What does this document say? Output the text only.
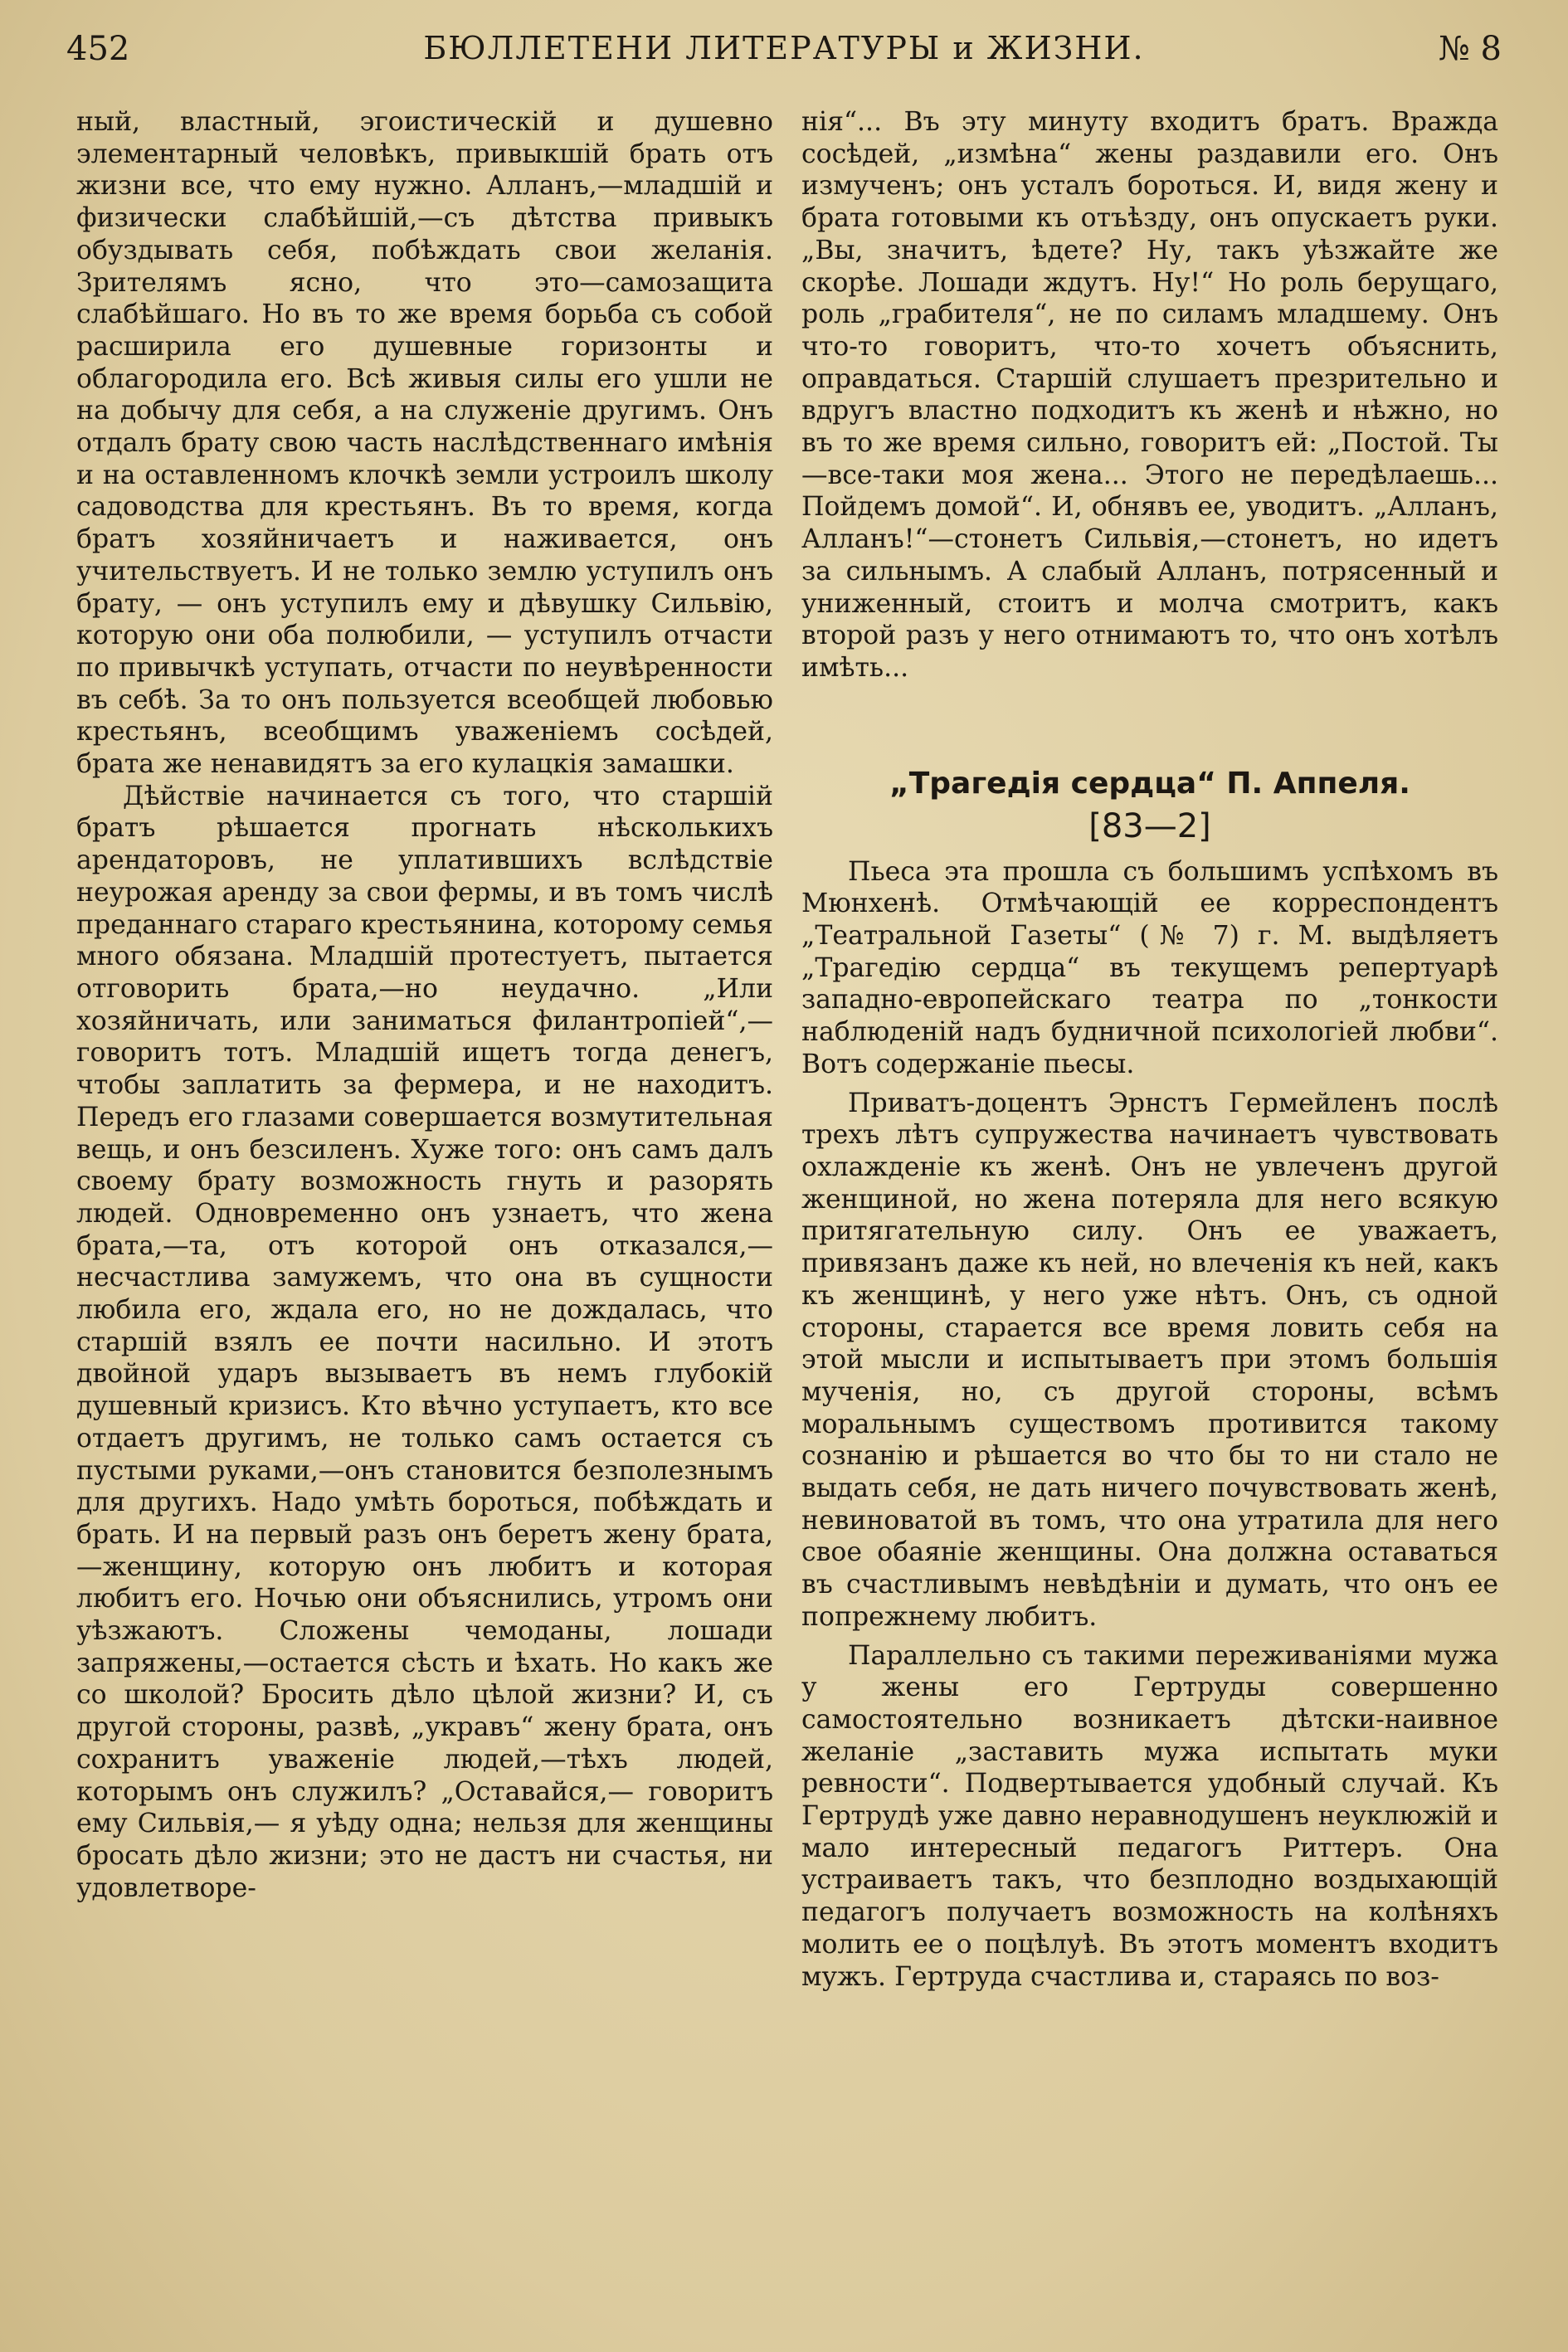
452	БЮЛЛЕТЕНИ ЛИТЕРАТУРЫ и ЖИЗНИ.	№ 8

ный, властный, эгоистическій и душевно элементарный человѣкъ, привыкшій брать отъ жизни все, что ему нужно. Алланъ,—младшій и физически слабѣйшій,—съ дѣтства привыкъ обуздывать себя, побѣждать свои желанія. Зрителямъ ясно, что это—самозащита слабѣйшаго. Но въ то же время борьба съ собой расширила его душевные горизонты и облагородила его. Всѣ живыя силы его ушли не на добычу для себя, а на служеніе другимъ. Онъ отдалъ брату свою часть наслѣдственнаго имѣнія и на оставленномъ клочкѣ земли устроилъ школу садоводства для крестьянъ. Въ то время, когда братъ хозяйничаетъ и наживается, онъ учительствуетъ. И не только землю уступилъ онъ брату, — онъ уступилъ ему и дѣвушку Сильвію, которую они оба полюбили, — уступилъ отчасти по привычкѣ уступать, отчасти по неувѣренности въ себѣ. За то онъ пользуется всеобщей любовью крестьянъ, всеобщимъ уваженіемъ сосѣдей, брата же ненавидятъ за его кулацкія замашки.

Дѣйствіе начинается съ того, что старшій братъ рѣшается прогнать нѣсколькихъ арендаторовъ, не уплатившихъ вслѣдствіе неурожая аренду за свои фермы, и въ томъ числѣ преданнаго стараго крестьянина, которому семья много обязана. Младшій протестуетъ, пытается отговорить брата,—но неудачно. „Или хозяйничать, или заниматься филантропіей“,—говоритъ тотъ. Младшій ищетъ тогда денегъ, чтобы заплатить за фермера, и не находитъ. Передъ его глазами совершается возмутительная вещь, и онъ безсиленъ. Хуже того: онъ самъ далъ своему брату возможность гнуть и разорять людей. Одновременно онъ узнаетъ, что жена брата,—та, отъ которой онъ отказался,— несчастлива замужемъ, что она въ сущности любила его, ждала его, но не дождалась, что старшій взялъ ее почти насильно. И этотъ двойной ударъ вызываетъ въ немъ глубокій душевный кризисъ. Кто вѣчно уступаетъ, кто все отдаетъ другимъ, не только самъ остается съ пустыми руками,—онъ становится безполезнымъ для другихъ. Надо умѣть бороться, побѣждать и брать. И на первый разъ онъ беретъ жену брата,—женщину, которую онъ любитъ и которая любитъ его. Ночью они объяснились, утромъ они уѣзжаютъ. Сложены чемоданы, лошади запряжены,—остается сѣсть и ѣхать. Но какъ же со школой? Бросить дѣло цѣлой жизни? И, съ другой стороны, развѣ, „укравъ“ жену брата, онъ сохранитъ уваженіе людей,—тѣхъ людей, которымъ онъ служилъ? „Оставайся,— говоритъ ему Сильвія,— я уѣду одна; нельзя для женщины бросать дѣло жизни; это не дастъ ни счастья, ни удовлетворе-

нія“... Въ эту минуту входитъ братъ. Вражда сосѣдей, „измѣна“ жены раздавили его. Онъ измученъ; онъ усталъ бороться. И, видя жену и брата готовыми къ отъѣзду, онъ опускаетъ руки. „Вы, значитъ, ѣдете? Ну, такъ уѣзжайте же скорѣе. Лошади ждутъ. Ну!“ Но роль берущаго, роль „грабителя“, не по силамъ младшему. Онъ что-то говоритъ, что-то хочетъ объяснить, оправдаться. Старшій слушаетъ презрительно и вдругъ властно подходитъ къ женѣ и нѣжно, но въ то же время сильно, говоритъ ей: „Постой. Ты—все-таки моя жена... Этого не передѣлаешь... Пойдемъ домой“. И, обнявъ ее, уводитъ. „Алланъ, Алланъ!“—стонетъ Сильвія,—стонетъ, но идетъ за сильнымъ. А слабый Алланъ, потрясенный и униженный, стоитъ и молча смотритъ, какъ второй разъ у него отнимаютъ то, что онъ хотѣлъ имѣть...

„Трагедія сердца“ П. Аппеля.
[83—2]

Пьеса эта прошла съ большимъ успѣхомъ въ Мюнхенѣ. Отмѣчающій ее корреспондентъ „Театральной Газеты“ (№ 7) г. М. выдѣляетъ „Трагедію сердца“ въ текущемъ репертуарѣ западно-европейскаго театра по „тонкости наблюденій надъ будничной психологіей любви“. Вотъ содержаніе пьесы.

Приватъ-доцентъ Эрнстъ Гермейленъ послѣ трехъ лѣтъ супружества начинаетъ чувствовать охлажденіе къ женѣ. Онъ не увлеченъ другой женщиной, но жена потеряла для него всякую притягательную силу. Онъ ее уважаетъ, привязанъ даже къ ней, но влеченія къ ней, какъ къ женщинѣ, у него уже нѣтъ. Онъ, съ одной стороны, старается все время ловить себя на этой мысли и испытываетъ при этомъ большія мученія, но, съ другой стороны, всѣмъ моральнымъ существомъ противится такому сознанію и рѣшается во что бы то ни стало не выдать себя, не дать ничего почувствовать женѣ, невиноватой въ томъ, что она утратила для него свое обаяніе женщины. Она должна оставаться въ счастливымъ невѣдѣніи и думать, что онъ ее попрежнему любитъ.

Параллельно съ такими переживаніями мужа у жены его Гертруды совершенно самостоятельно возникаетъ дѣтски-наивное желаніе „заставить мужа испытать муки ревности“. Подвертывается удобный случай. Къ Гертрудѣ уже давно неравнодушенъ неуклюжій и мало интересный педагогъ Риттеръ. Она устраиваетъ такъ, что безплодно воздыхающій педагогъ получаетъ возможность на колѣняхъ молить ее о поцѣлуѣ. Въ этотъ моментъ входитъ мужъ. Гертруда счастлива и, стараясь по воз-
